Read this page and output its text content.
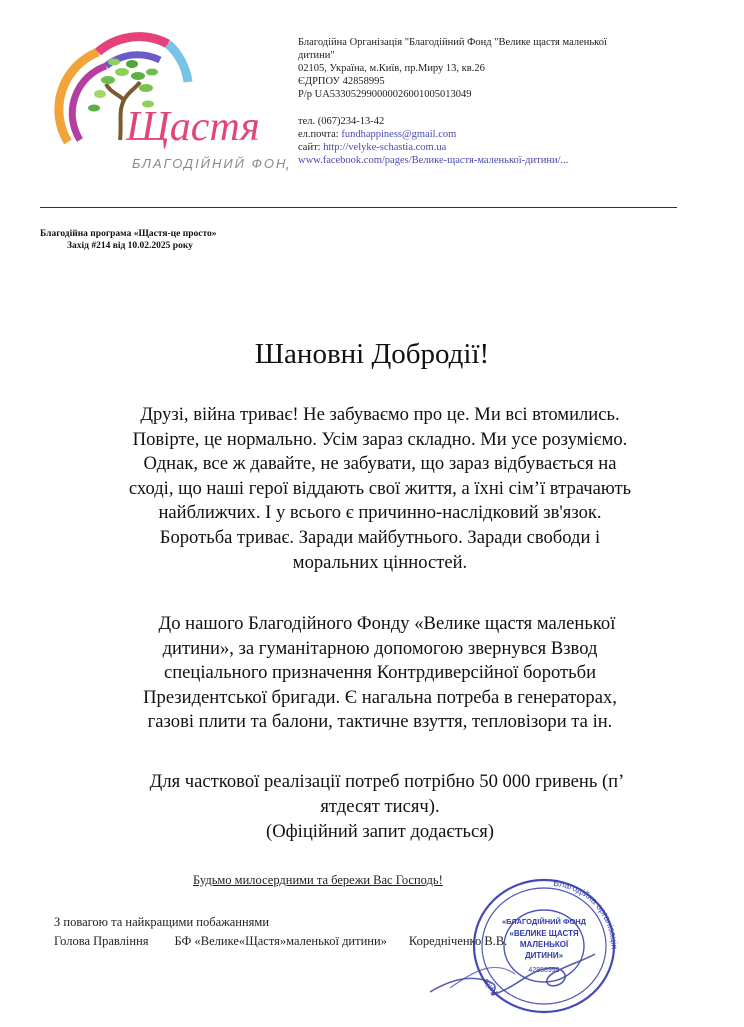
Щастя
БЛАГОДІЙНИЙ ФОНД
Благодійна Організація "Благодійний Фонд "Велике щастя маленької
дитини"
02105, Україна, м.Київ, пр.Миру 13, кв.26
ЄДРПОУ 42858995
Р/р UA533052990000026001005013049
тел. (067)234-13-42
ел.почта: fundhappiness@gmail.com
сайт: http://velyke-schastia.com.ua
www.facebook.com/pages/Велике-щастя-маленької-дитини/...
Благодійна програма «Щастя-це просто»
Захід #214 від 10.02.2025 року
Шановні Добродії!
Друзі, війна триває! Не забуваємо про це. Ми всі втомились.
Повірте, це нормально. Усім зараз складно. Ми усе розуміємо.
Однак, все ж давайте, не забувати, що зараз відбувається на
сході, що наші герої віддають свої життя, а їхні сім’ї втрачають
найближчих. І у всього є причинно-наслідковий зв'язок.
Боротьба триває. Заради майбутнього. Заради свободи і
моральних цінностей.
До нашого Благодійного Фонду «Велике щастя маленької
дитини», за гуманітарною допомогою звернувся Взвод
спеціального призначення Контрдиверсійної боротьби
Президентської бригади. Є нагальна потреба в генераторах,
газові плити та балони, тактичне взуття, тепловізори та ін.
Для часткової реалізації потреб потрібно 50 000 гривень (п’
ятдесят тисяч).
(Офіційний запит додається)
Будьмо милосердними та бережи Вас Господь!
З повагою та найкращими побажаннями
Голова Правління БФ «Велике«Щастя»маленької дитини» Коредніченко В.В.
Київ
Благодійна організа
«БЛАГОДІЙНИЙ ФОНД
«ВЕЛИКЕ ЩАСТЯ
МАЛЕНЬКОЇ
ДИТИНИ»
42858995
